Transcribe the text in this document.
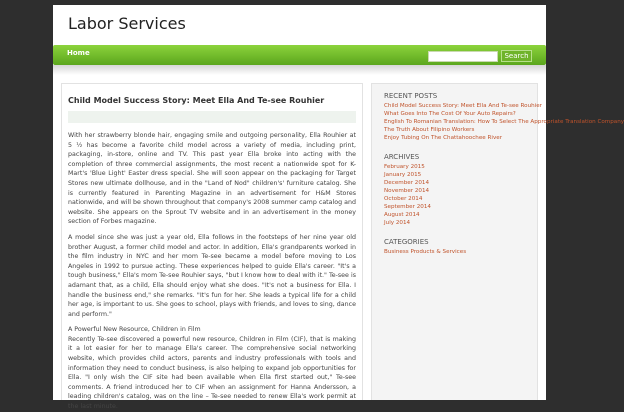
Labor Services
Home	Search
Child Model Success Story: Meet Ella And Te-see Rouhier

With her strawberry blonde hair, engaging smile and outgoing personality, Ella Rouhier at 5 ½ has become a favorite child model across a variety of media, including print, packaging, in-store, online and TV. This past year Ella broke into acting with the completion of three commercial assignments, the most recent a nationwide spot for K-Mart's 'Blue Light' Easter dress special. She will soon appear on the packaging for Target Stores new ultimate dollhouse, and in the "Land of Nod" children's' furniture catalog. She is currently featured in Parenting Magazine in an advertisement for H&M Stores nationwide, and will be shown throughout that company's 2008 summer camp catalog and website. She appears on the Sprout TV website and in an advertisement in the money section of Forbes magazine.

A model since she was just a year old, Ella follows in the footsteps of her nine year old brother August, a former child model and actor. In addition, Ella's grandparents worked in the film industry in NYC and her mom Te-see became a model before moving to Los Angeles in 1992 to pursue acting. These experiences helped to guide Ella's career. "It's a tough business," Ella's mom Te-see Rouhier says, "but I know how to deal with it." Te-see is adamant that, as a child, Ella should enjoy what she does. "It's not a business for Ella. I handle the business end," she remarks. "It's fun for her. She leads a typical life for a child her age, is important to us. She goes to school, plays with friends, and loves to sing, dance and perform."

A Powerful New Resource, Children in Film

Recently Te-see discovered a powerful new resource, Children in Film (CIF), that is making it a lot easier for her to manage Ella's career. The comprehensive social networking website, which provides child actors, parents and industry professionals with tools and information they need to conduct business, is also helping to expand job opportunities for Ella. "I only wish the CIF site had been available when Ella first started out," Te-see comments. A friend introduced her to CIF when an assignment for Hanna Andersson, a leading children's catalog, was on the line – Te-see needed to renew Ella's work permit at the last minute.

RECENT POSTS
Child Model Success Story: Meet Ella And Te-see Rouhier
What Goes Into The Cost Of Your Auto Repairs?
English To Romanian Translation: How To Select The Appropriate Translation Company
The Truth About Filipino Workers
Enjoy Tubing On The Chattahoochee River
ARCHIVES
February 2015
January 2015
December 2014
November 2014
October 2014
September 2014
August 2014
July 2014
CATEGORIES
Business Products & Services
